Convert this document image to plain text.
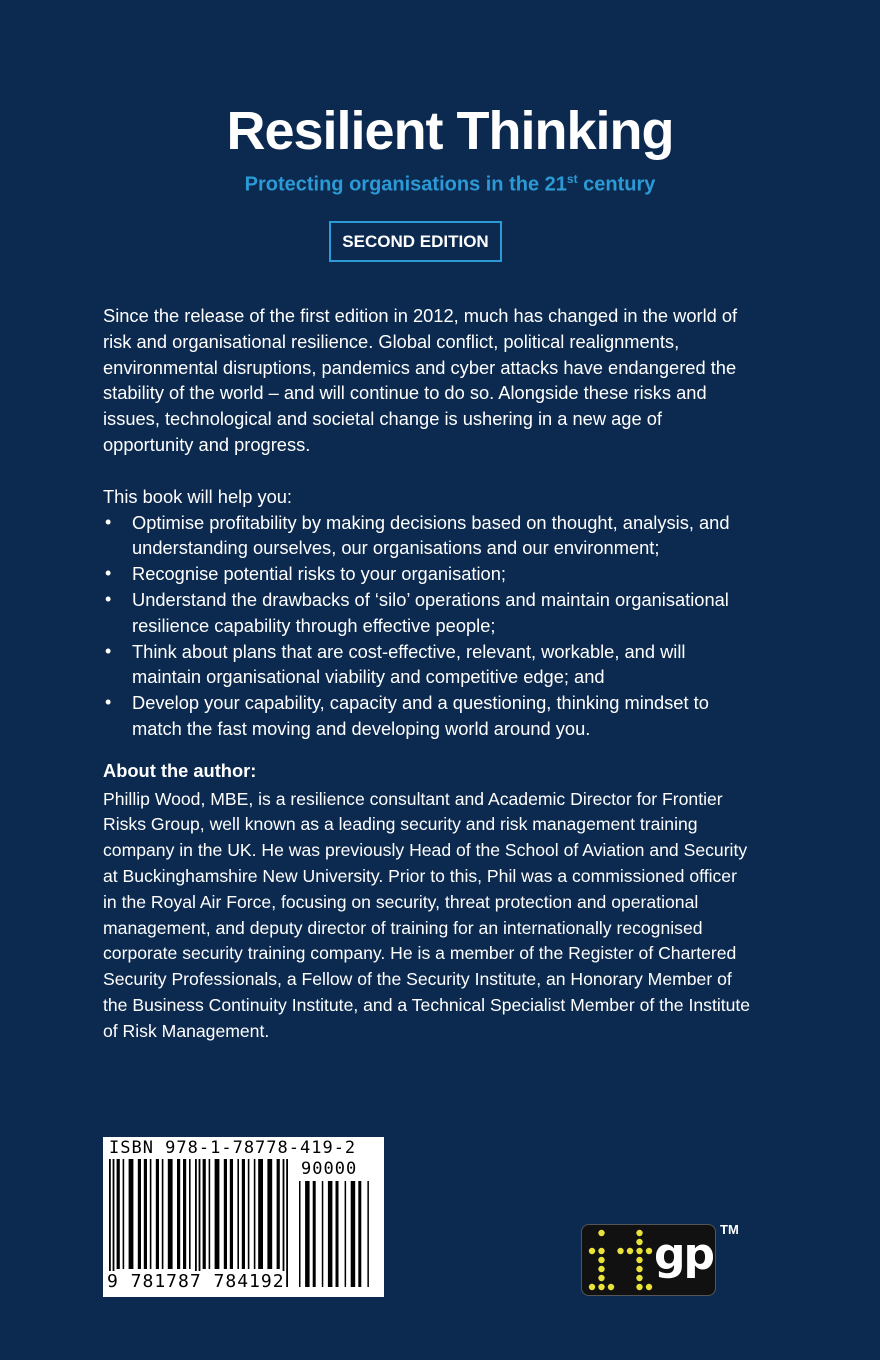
Resilient Thinking
Protecting organisations in the 21st century
SECOND EDITION

Since the release of the first edition in 2012, much has changed in the world of risk and organisational resilience. Global conflict, political realignments, environmental disruptions, pandemics and cyber attacks have endangered the stability of the world – and will continue to do so. Alongside these risks and issues, technological and societal change is ushering in a new age of opportunity and progress.

This book will help you:

• Optimise profitability by making decisions based on thought, analysis, and understanding ourselves, our organisations and our environment;
• Recognise potential risks to your organisation;
• Understand the drawbacks of ‘silo’ operations and maintain organisational resilience capability through effective people;
• Think about plans that are cost-effective, relevant, workable, and will maintain organisational viability and competitive edge; and
• Develop your capability, capacity and a questioning, thinking mindset to match the fast moving and developing world around you.

About the author:

Phillip Wood, MBE, is a resilience consultant and Academic Director for Frontier Risks Group, well known as a leading security and risk management training company in the UK. He was previously Head of the School of Aviation and Security at Buckinghamshire New University. Prior to this, Phil was a commissioned officer in the Royal Air Force, focusing on security, threat protection and operational management, and deputy director of training for an internationally recognised corporate security training company. He is a member of the Register of Chartered Security Professionals, a Fellow of the Security Institute, an Honorary Member of the Business Continuity Institute, and a Technical Specialist Member of the Institute of Risk Management.

ISBN 978-1-78778-419-2
90000
9 781787 784192
gp TM
